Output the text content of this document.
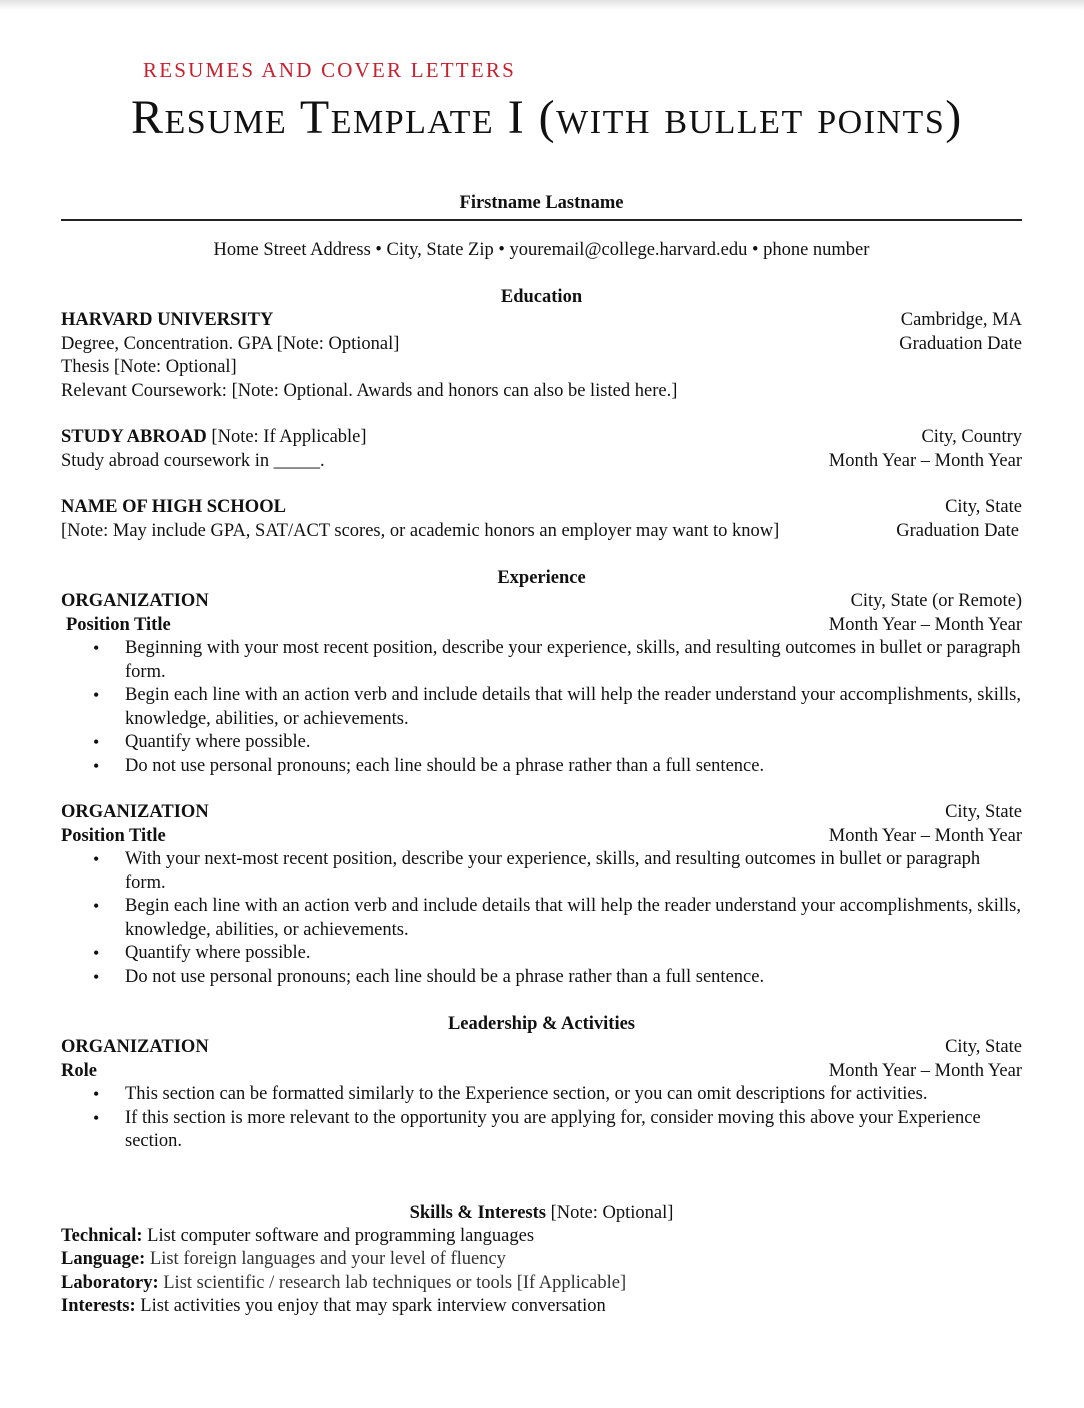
RESUMES AND COVER LETTERS
Resume Template I (with bullet points)
Firstname Lastname
Home Street Address • City, State Zip • youremail@college.harvard.edu • phone number
Education
HARVARD UNIVERSITY	Cambridge, MA
Degree, Concentration. GPA [Note: Optional]	Graduation Date
Thesis [Note: Optional]
Relevant Coursework: [Note: Optional. Awards and honors can also be listed here.]
STUDY ABROAD [Note: If Applicable]	City, Country
Study abroad coursework in _____.	Month Year – Month Year
NAME OF HIGH SCHOOL	City, State
[Note: May include GPA, SAT/ACT scores, or academic honors an employer may want to know]	Graduation Date
Experience
ORGANIZATION	City, State (or Remote)
Position Title	Month Year – Month Year
• Beginning with your most recent position, describe your experience, skills, and resulting outcomes in bullet or paragraph form.
• Begin each line with an action verb and include details that will help the reader understand your accomplishments, skills, knowledge, abilities, or achievements.
• Quantify where possible.
• Do not use personal pronouns; each line should be a phrase rather than a full sentence.
ORGANIZATION	City, State
Position Title	Month Year – Month Year
• With your next-most recent position, describe your experience, skills, and resulting outcomes in bullet or paragraph form.
• Begin each line with an action verb and include details that will help the reader understand your accomplishments, skills, knowledge, abilities, or achievements.
• Quantify where possible.
• Do not use personal pronouns; each line should be a phrase rather than a full sentence.
Leadership & Activities
ORGANIZATION	City, State
Role	Month Year – Month Year
• This section can be formatted similarly to the Experience section, or you can omit descriptions for activities.
• If this section is more relevant to the opportunity you are applying for, consider moving this above your Experience section.
Skills & Interests [Note: Optional]
Technical: List computer software and programming languages
Language: List foreign languages and your level of fluency
Laboratory: List scientific / research lab techniques or tools [If Applicable]
Interests: List activities you enjoy that may spark interview conversation
